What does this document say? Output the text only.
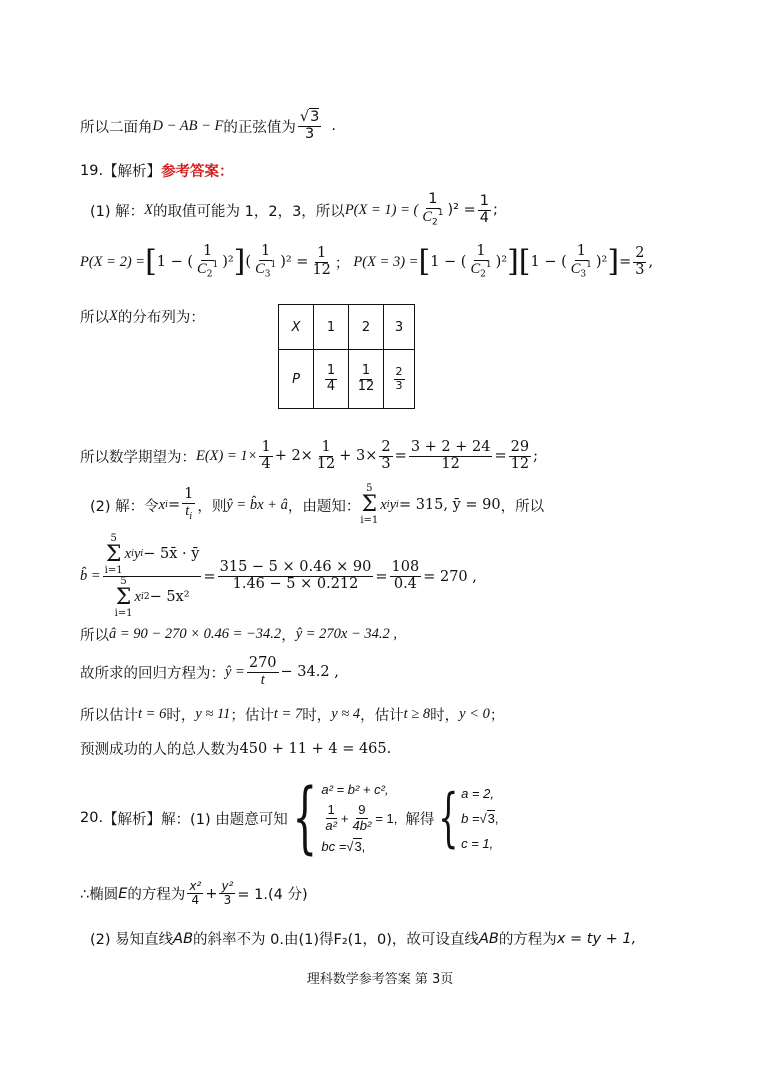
所以二面角 D − AB − F 的正弦值为 $\frac{√3}{3}$ .
19. 【解析】 参考答案：
(1) 解： X 的取值可能为 1，2，3，所以 P(X = 1) = ( $\frac{1}{C_2^1} )^2 = \frac{1}{4}$ ;
P(X = 2) = [ 1 − ( $\frac{1}{C_2^1} )^2$ ] ( $\frac{1}{C_3^1} )^2 = \frac{1}{12}$ ； P(X = 3) = [ 1 − ( $\frac{1}{C_2^1} )^2$ ] [ 1 − ( $\frac{1}{C_3^1} )^2$ ] = $\frac{2}{3}$ ,
所以 X 的分布列为：
X	1	2	3
P	$\frac{1}{4}$	$\frac{1}{12}$	$\frac{2}{3}$
所以数学期望为： $E(X) = 1\times \frac{1}{4} + 2\times \frac{1}{12} + 3\times \frac{2}{3} = \frac{3 + 2 + 24}{12} = \frac{29}{12}$ ;
(2) 解：令 x $i = \frac{1}{t_i}$ ，则 ŷ = b̂x + â ，由题知：
5
Σ
i=1
x i y i = 315, ȳ = 90 ，所以
b̂ = 5
Σ
i=1
x i y i − 5x̄ · ȳ
5
Σ
i=1
x i $2 - 5x^2 = \frac{315 - 5 \times 0.46 \times 90}{1.46 - 5 \times 0.212} = \frac{108}{0.4} = 270$ ,
所以 â = 90 − 270 × 0.46 = −34.2 ， ŷ = 270x − 34.2 ,
故所求的回归方程为： ŷ = $\frac{270}{t} - 34.2$ ,
所以估计 t = 6 时， y ≈ 11 ；估计 t = 7 时， y ≈ 4 ，估计 t ≥ 8 时， y < 0 ；
预测成功的人的总人数为 450 + 11 + 4 = 465 .
20. 【解析】 解：(1) 由题意可知 { a² = b² + c²,
$\frac{1}{\text{a²}} + \frac{9}{\text{4b²}} = 1$,
bc =√3,
解得 { a = 2,
b =√3,
c = 1,
∴椭圆 E 的方程为 $\frac{\text{x²}}{4} + \frac{\text{y²}}{3} = 1.(4$ 分)
(2) 易知直线 AB 的斜率不为 0.由(1)得 F₂(1，0)，故可设直线 AB 的方程为 x = ty + 1,
理科数学参考答案 第 3页
